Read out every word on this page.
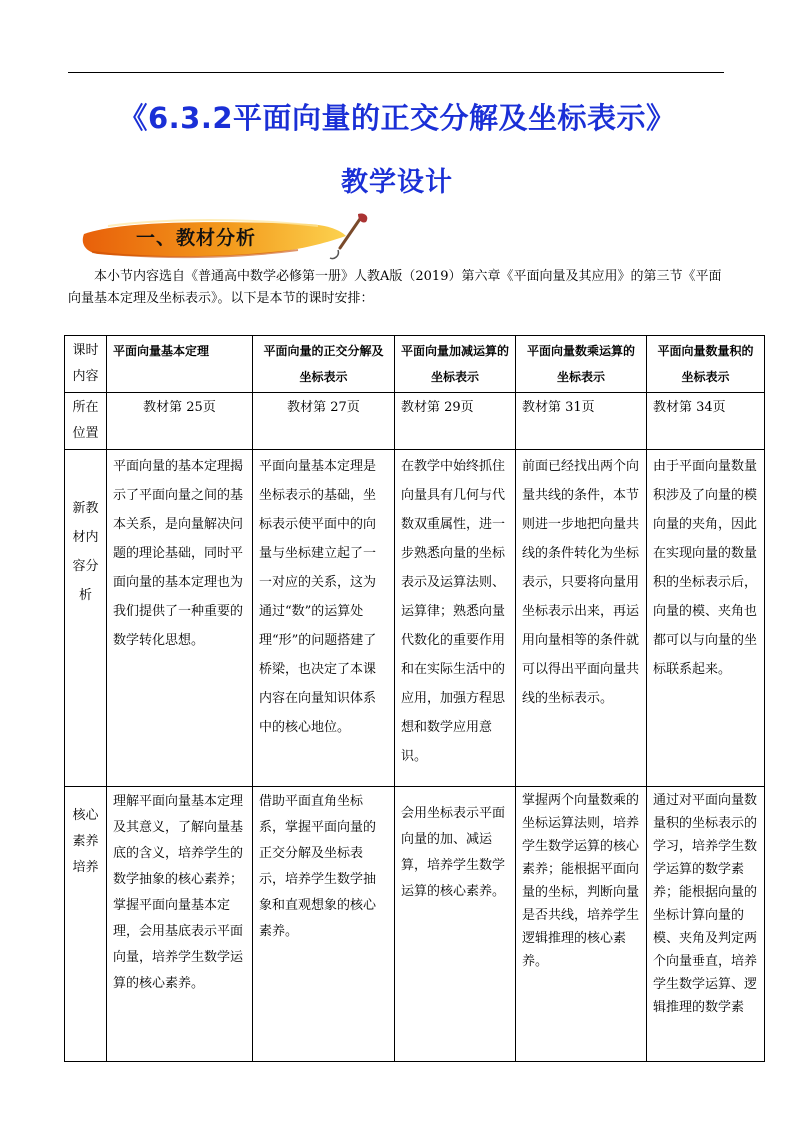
《6.3.2平面向量的正交分解及坐标表示》
教学设计
一、教材分析

本小节内容选自《普通高中数学必修第一册》人教A版（2019）第六章《平面向量及其应用》的第三节《平面向量基本定理及坐标表示》。以下是本节的课时安排：

课时内容	平面向量基本定理	平面向量的正交分解及坐标表示	平面向量加减运算的坐标表示	平面向量数乘运算的坐标表示	平面向量数量积的坐标表示
所在位置	教材第 25页	教材第 27页	教材第 29页	教材第 31页	教材第 34页
新教材内容分析	平面向量的基本定理揭示了平面向量之间的基本关系，是向量解决问题的理论基础，同时平面向量的基本定理也为我们提供了一种重要的数学转化思想。	平面向量基本定理是坐标表示的基础，坐标表示使平面中的向量与坐标建立起了一一对应的关系，这为通过“数”的运算处理“形”的问题搭建了桥梁，也决定了本课内容在向量知识体系中的核心地位。	在教学中始终抓住向量具有几何与代数双重属性，进一步熟悉向量的坐标表示及运算法则、运算律；熟悉向量代数化的重要作用和在实际生活中的应用，加强方程思想和数学应用意识。	前面已经找出两个向量共线的条件，本节则进一步地把向量共线的条件转化为坐标表示，只要将向量用坐标表示出来，再运用向量相等的条件就可以得出平面向量共线的坐标表示。	由于平面向量数量积涉及了向量的模向量的夹角，因此在实现向量的数量积的坐标表示后，向量的模、夹角也都可以与向量的坐标联系起来。
核心素养培养	理解平面向量基本定理及其意义，了解向量基底的含义，培养学生的数学抽象的核心素养；掌握平面向量基本定理，会用基底表示平面向量，培养学生数学运算的核心素养。	借助平面直角坐标系，掌握平面向量的正交分解及坐标表示，培养学生数学抽象和直观想象的核心素养。	会用坐标表示平面向量的加、减运算，培养学生数学运算的核心素养。	掌握两个向量数乘的坐标运算法则，培养学生数学运算的核心素养；能根据平面向量的坐标，判断向量是否共线，培养学生逻辑推理的核心素养。	通过对平面向量数量积的坐标表示的学习，培养学生数学运算的数学素养；能根据向量的坐标计算向量的模、夹角及判定两个向量垂直，培养学生数学运算、逻辑推理的数学素
